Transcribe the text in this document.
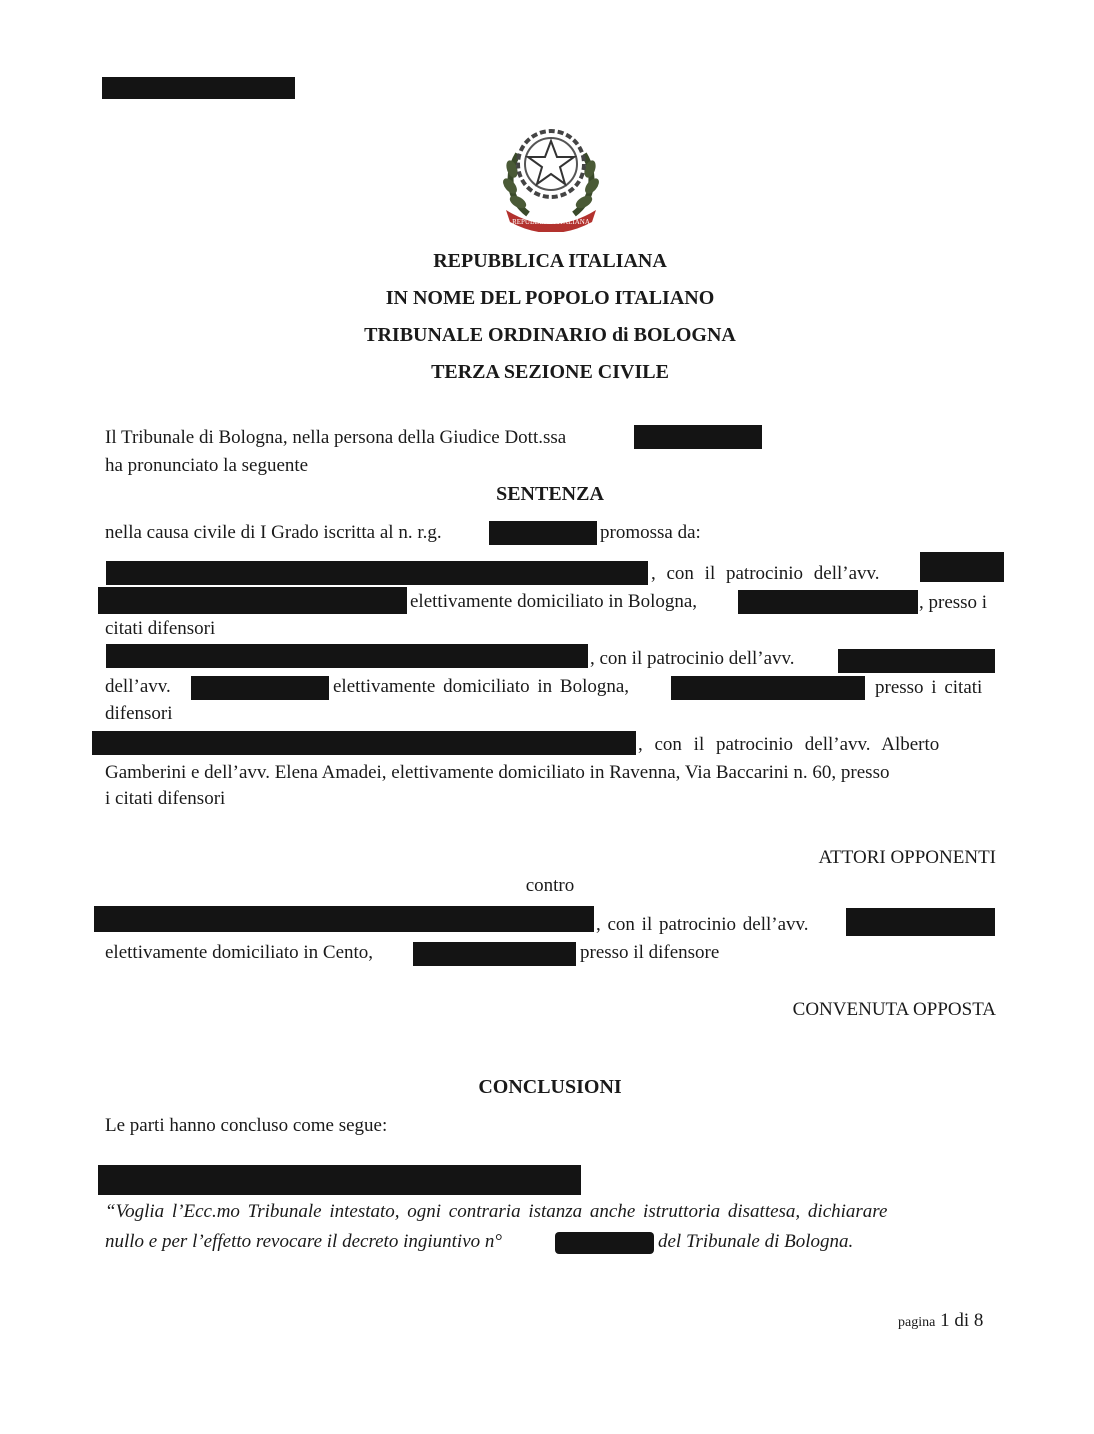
REPUBBLICA ITALIANA
REPUBBLICA ITALIANA
IN NOME DEL POPOLO ITALIANO
TRIBUNALE ORDINARIO di BOLOGNA
TERZA SEZIONE CIVILE
Il Tribunale di Bologna, nella persona della Giudice Dott.ssa
ha pronunciato la seguente
SENTENZA
nella causa civile di I Grado iscritta al n. r.g.	promossa da:
, con il patrocinio dell’avv.
elettivamente domiciliato in Bologna,	, presso i
citati difensori
, con il patrocinio dell’avv.
dell’avv.	elettivamente domiciliato in Bologna,	presso i citati
difensori
, con il patrocinio dell’avv. Alberto
Gamberini e dell’avv. Elena Amadei, elettivamente domiciliato in Ravenna, Via Baccarini n. 60, presso
i citati difensori
ATTORI OPPONENTI
contro
, con il patrocinio dell’avv.
elettivamente domiciliato in Cento,	presso il difensore
CONVENUTA OPPOSTA
CONCLUSIONI
Le parti hanno concluso come segue:
“Voglia l’Ecc.mo Tribunale intestato, ogni contraria istanza anche istruttoria disattesa, dichiarare
nullo e per l’effetto revocare il decreto ingiuntivo n°	del Tribunale di Bologna.
pagina 1 di 8
